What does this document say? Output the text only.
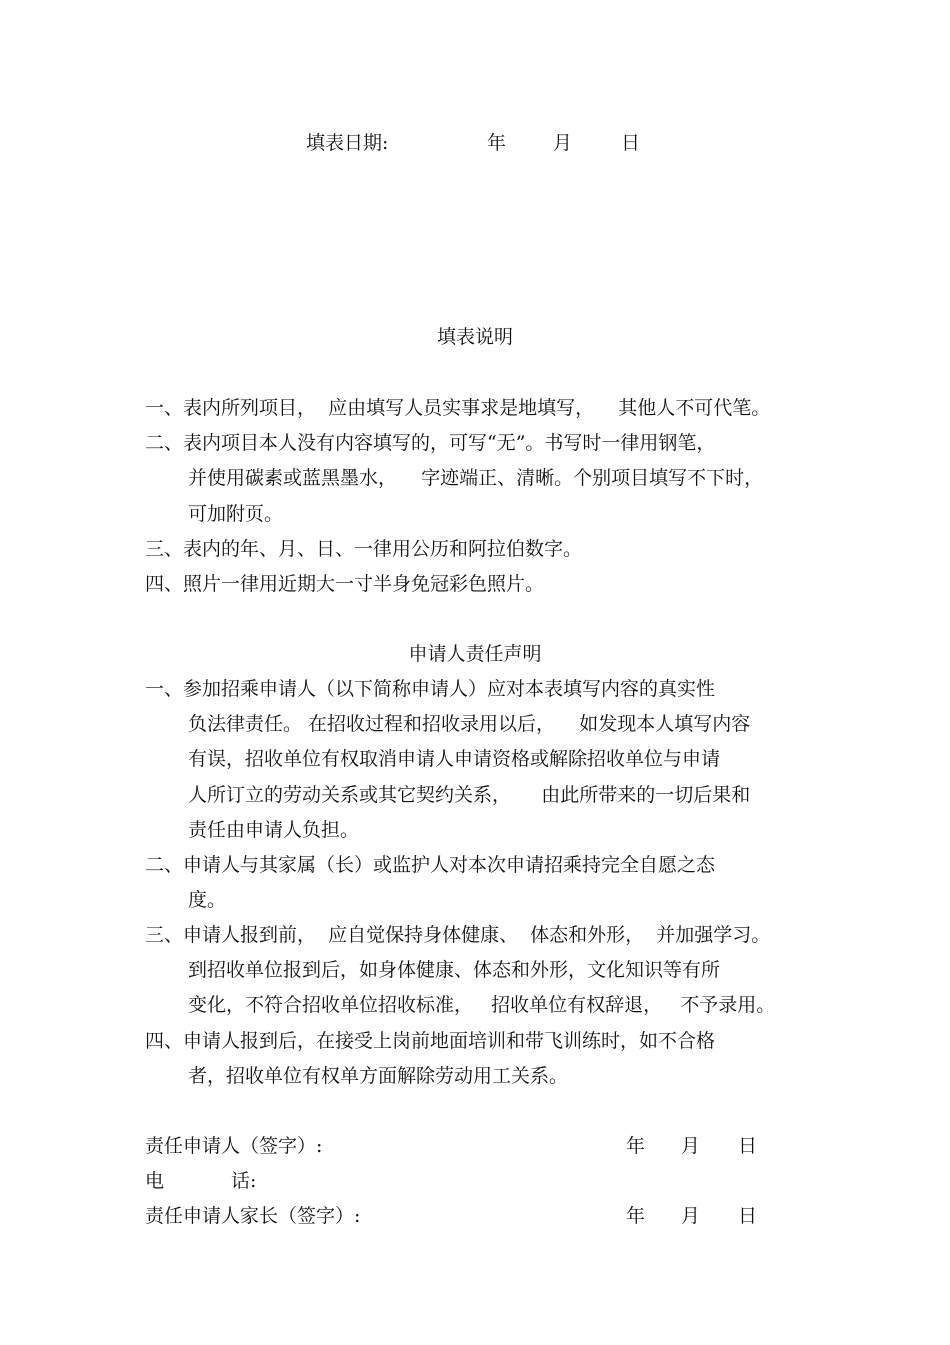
填表日期:	年 月	日
填表说明
一、表内所列项目，  应由填写人员实事求是地填写，    其他人不可代笔。
二、表内项目本人没有内容填写的，可写“无”。书写时一律用钢笔，
并使用碳素或蓝黑墨水，    字迹端正、清晰。个别项目填写不下时，
可加附页。
三、表内的年、月、日、一律用公历和阿拉伯数字。
四、照片一律用近期大一寸半身免冠彩色照片。
申请人责任声明
一、参加招乘申请人（以下简称申请人）应对本表填写内容的真实性
负法律责任。 在招收过程和招收录用以后，    如发现本人填写内容
有误，招收单位有权取消申请人申请资格或解除招收单位与申请
人所订立的劳动关系或其它契约关系，     由此所带来的一切后果和
责任由申请人负担。
二、申请人与其家属（长）或监护人对本次申请招乘持完全自愿之态
度。
三、申请人报到前，  应自觉保持身体健康、  体态和外形，  并加强学习。
到招收单位报到后，如身体健康、体态和外形，文化知识等有所
变化，不符合招收单位招收标准，   招收单位有权辞退，   不予录用。
四、申请人报到后，在接受上岗前地面培训和带飞训练时，如不合格
者，招收单位有权单方面解除劳动用工关系。
责任申请人（签字）:	年 月 日
电	话:
责任申请人家长（签字）:	年 月 日
